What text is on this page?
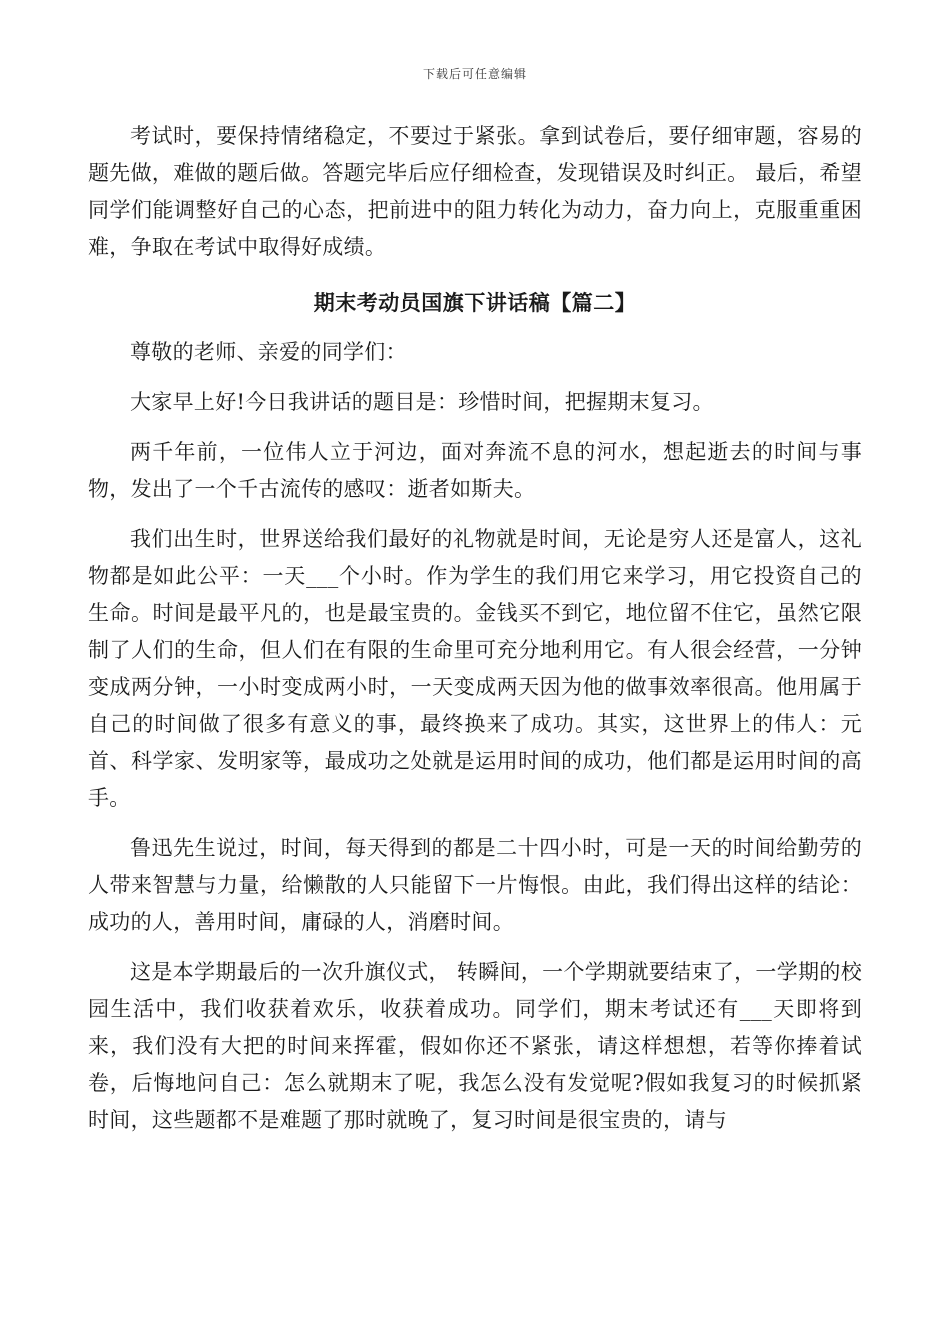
下载后可任意编辑

考试时，要保持情绪稳定，不要过于紧张。拿到试卷后，要仔细审题，容易的题先做，难做的题后做。答题完毕后应仔细检查，发现错误及时纠正。 最后，希望同学们能调整好自己的心态，把前进中的阻力转化为动力，奋力向上，克服重重困难，争取在考试中取得好成绩。

期末考动员国旗下讲话稿【篇二】

尊敬的老师、亲爱的同学们：

大家早上好!今日我讲话的题目是：珍惜时间，把握期末复习。

两千年前，一位伟人立于河边，面对奔流不息的河水，想起逝去的时间与事物，发出了一个千古流传的感叹：逝者如斯夫。

我们出生时，世界送给我们最好的礼物就是时间，无论是穷人还是富人，这礼物都是如此公平：一天___个小时。作为学生的我们用它来学习，用它投资自己的生命。时间是最平凡的，也是最宝贵的。金钱买不到它，地位留不住它，虽然它限制了人们的生命，但人们在有限的生命里可充分地利用它。有人很会经营，一分钟变成两分钟，一小时变成两小时，一天变成两天因为他的做事效率很高。他用属于自己的时间做了很多有意义的事，最终换来了成功。其实，这世界上的伟人：元首、科学家、发明家等，最成功之处就是运用时间的成功，他们都是运用时间的高手。

鲁迅先生说过，时间，每天得到的都是二十四小时，可是一天的时间给勤劳的人带来智慧与力量，给懒散的人只能留下一片悔恨。由此，我们得出这样的结论：成功的人，善用时间，庸碌的人，消磨时间。

这是本学期最后的一次升旗仪式， 转瞬间，一个学期就要结束了，一学期的校园生活中，我们收获着欢乐，收获着成功。同学们，期末考试还有___天即将到来，我们没有大把的时间来挥霍，假如你还不紧张，请这样想想，若等你捧着试卷，后悔地问自己：怎么就期末了呢，我怎么没有发觉呢?假如我复习的时候抓紧时间，这些题都不是难题了那时就晚了，复习时间是很宝贵的，请与
